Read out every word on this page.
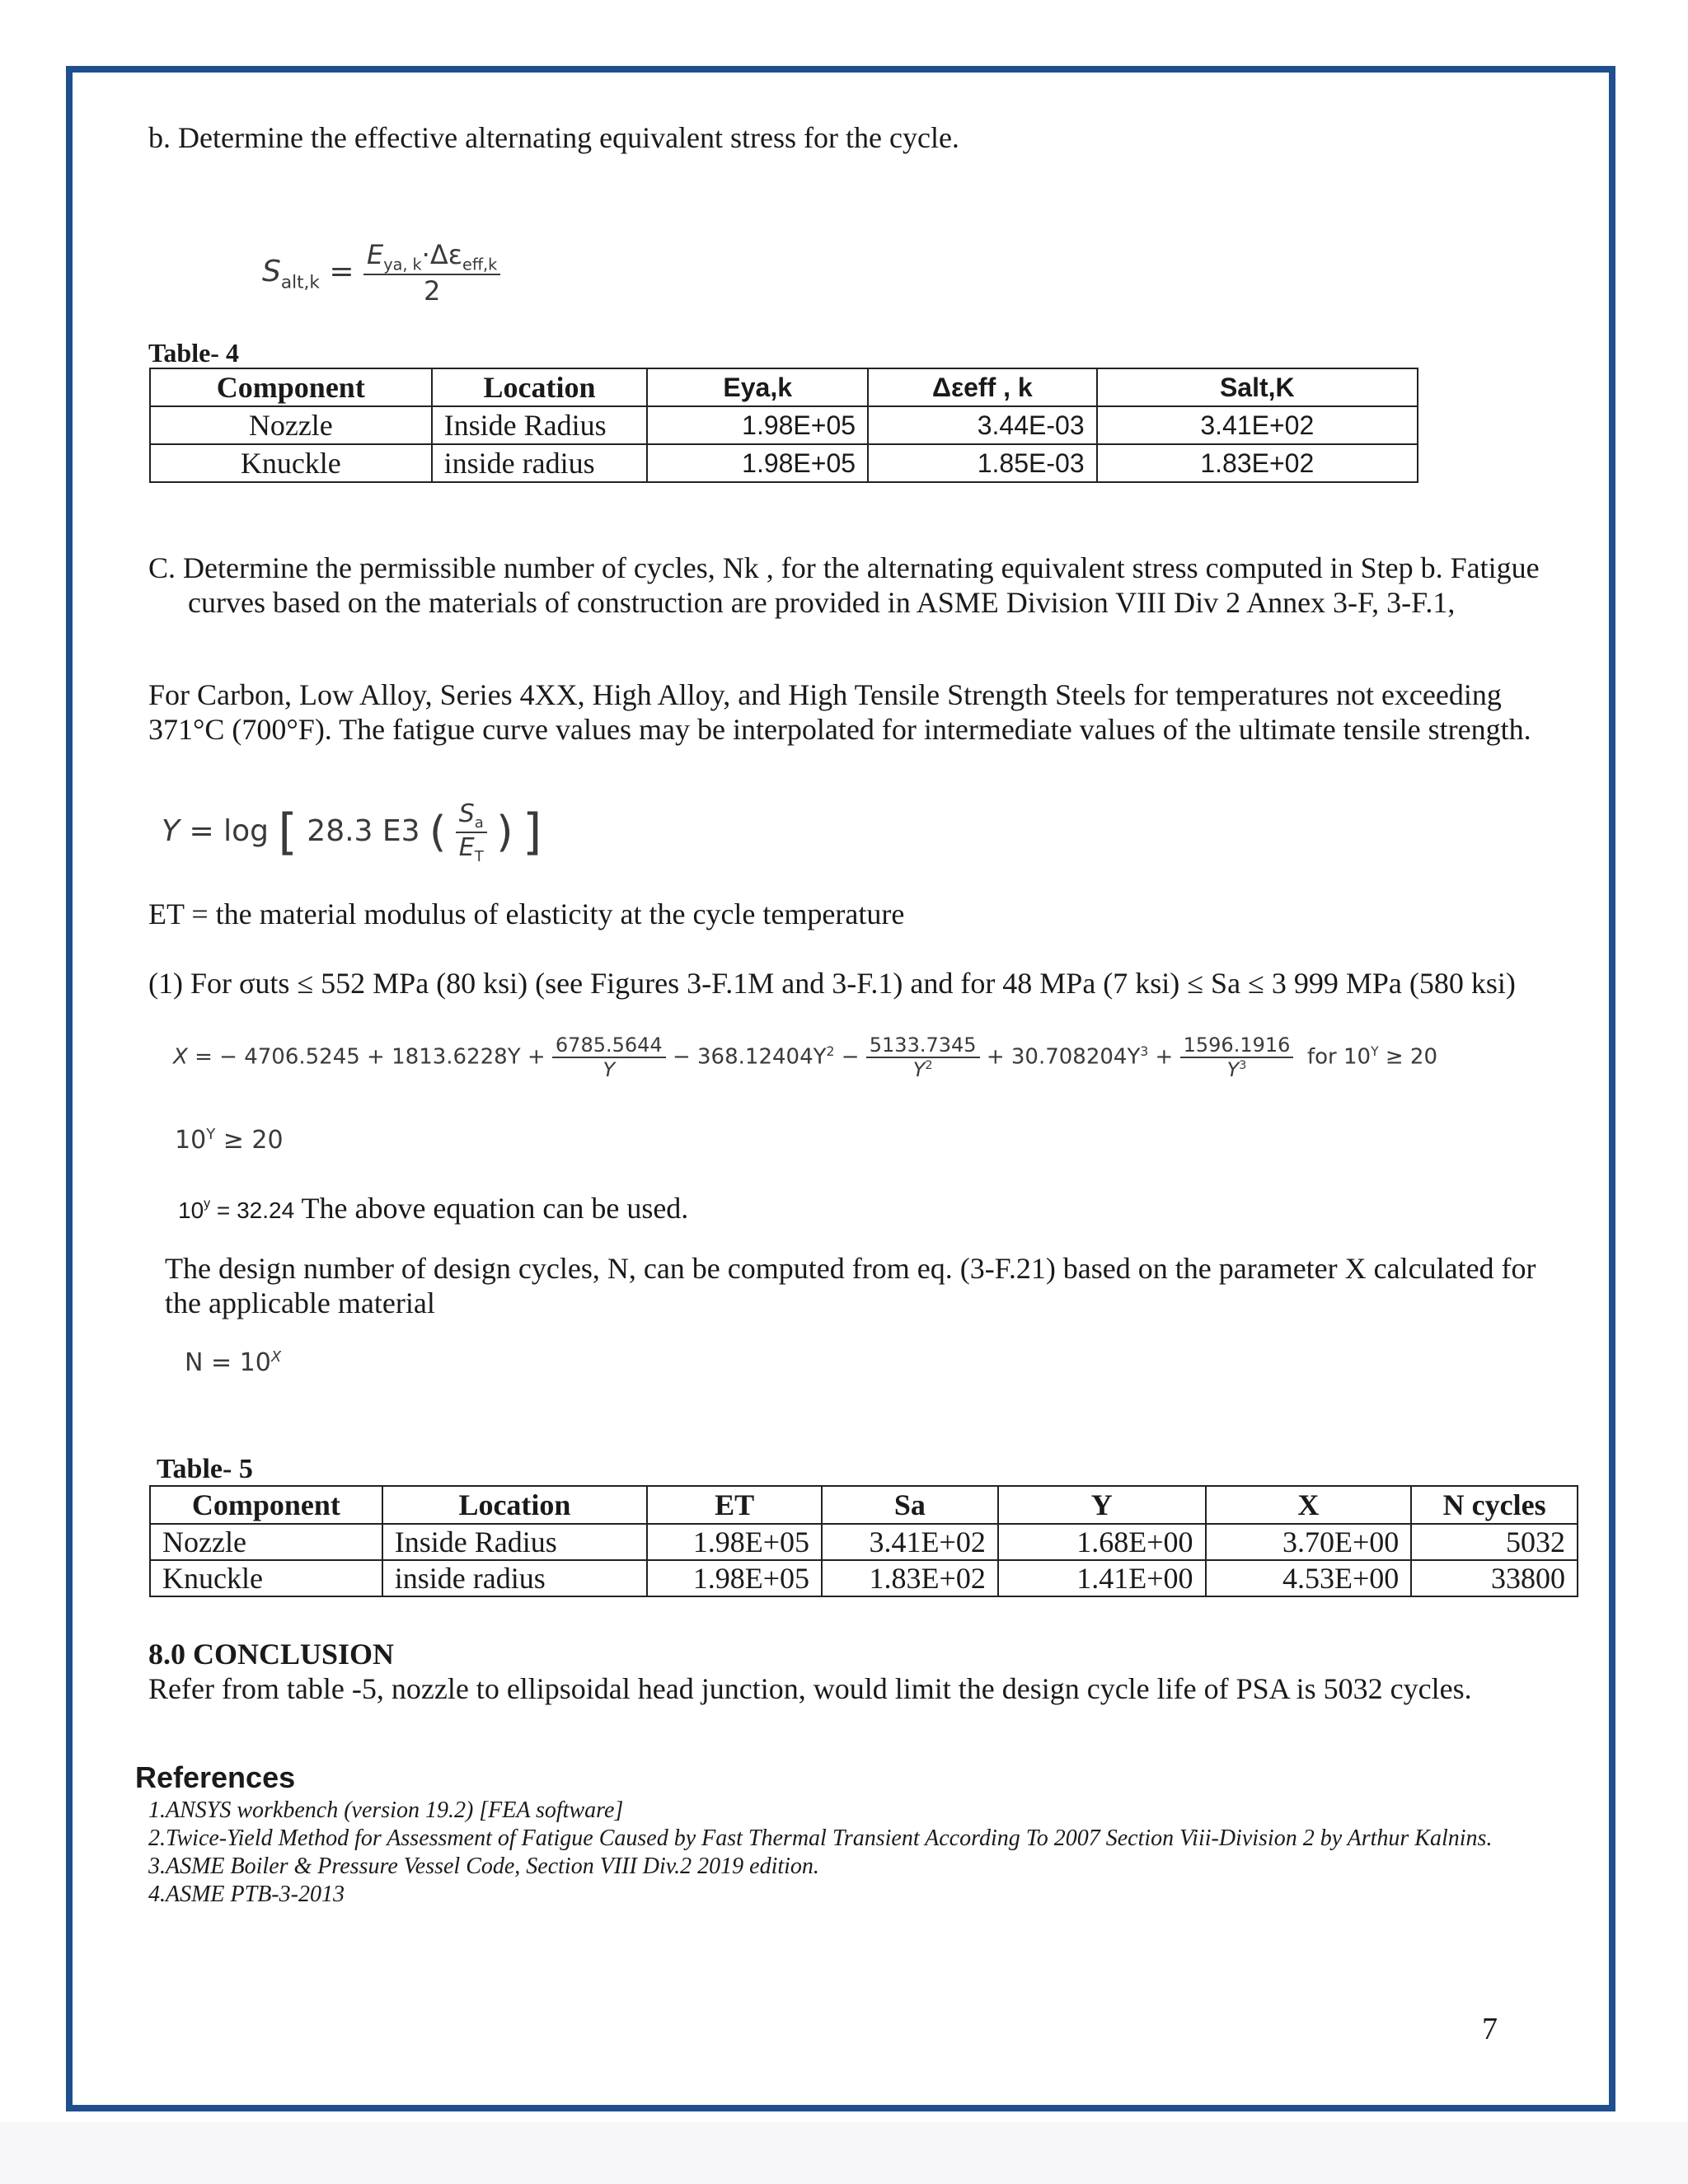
b. Determine the effective alternating equivalent stress for the cycle.
$S_{alt,k} = \frac{E_{ya, k}\cdot\Delta\varepsilon_{eff,k}}{2}$
Table- 4
Component	Location	Eya,k	Δεeff , k	Salt,K
Nozzle	Inside Radius	1.98E+05	3.44E-03	3.41E+02
Knuckle	inside radius	1.98E+05	1.85E-03	1.83E+02
C. Determine the permissible number of cycles, Nk , for the alternating equivalent stress computed in Step b. Fatigue
curves based on the materials of construction are provided in ASME Division VIII Div 2 Annex 3-F, 3-F.1,
For Carbon, Low Alloy, Series 4XX, High Alloy, and High Tensile Strength Steels for temperatures not exceeding
371°C (700°F). The fatigue curve values may be interpolated for intermediate values of the ultimate tensile strength.
Y = log [ 28.3 E3 ( $\frac{S_a}{E_T}$ ) ]
ET = the material modulus of elasticity at the cycle temperature
(1) For σuts ≤ 552 MPa (80 ksi) (see Figures 3-F.1M and 3-F.1) and for 48 MPa (7 ksi) ≤ Sa ≤ 3 999 MPa (580 ksi)
X = − $4706.5245 + 1813.6228Y + \frac{6785.5644}{Y} - 368.12404Y^2 - \frac{5133.7345}{Y^2} + 30.708204Y^3 + \frac{1596.1916}{Y^3}$ for $10^Y \ge 20$
$10^Y \ge 20$
$10^y = 32.24$ The above equation can be used.
The design number of design cycles, N, can be computed from eq. (3-F.21) based on the parameter X calculated for
the applicable material
$N = 10^X$
Table- 5
Component	Location	ET	Sa	Y	X	N cycles
Nozzle	Inside Radius	1.98E+05	3.41E+02	1.68E+00	3.70E+00	5032
Knuckle	inside radius	1.98E+05	1.83E+02	1.41E+00	4.53E+00	33800
8.0 CONCLUSION
Refer from table -5, nozzle to ellipsoidal head junction, would limit the design cycle life of PSA is 5032 cycles.
References
1.ANSYS workbench (version 19.2) [FEA software]
2.Twice-Yield Method for Assessment of Fatigue Caused by Fast Thermal Transient According To 2007 Section Viii-Division 2 by Arthur Kalnins.
3.ASME Boiler & Pressure Vessel Code, Section VIII Div.2 2019 edition.
4.ASME PTB-3-2013
7
